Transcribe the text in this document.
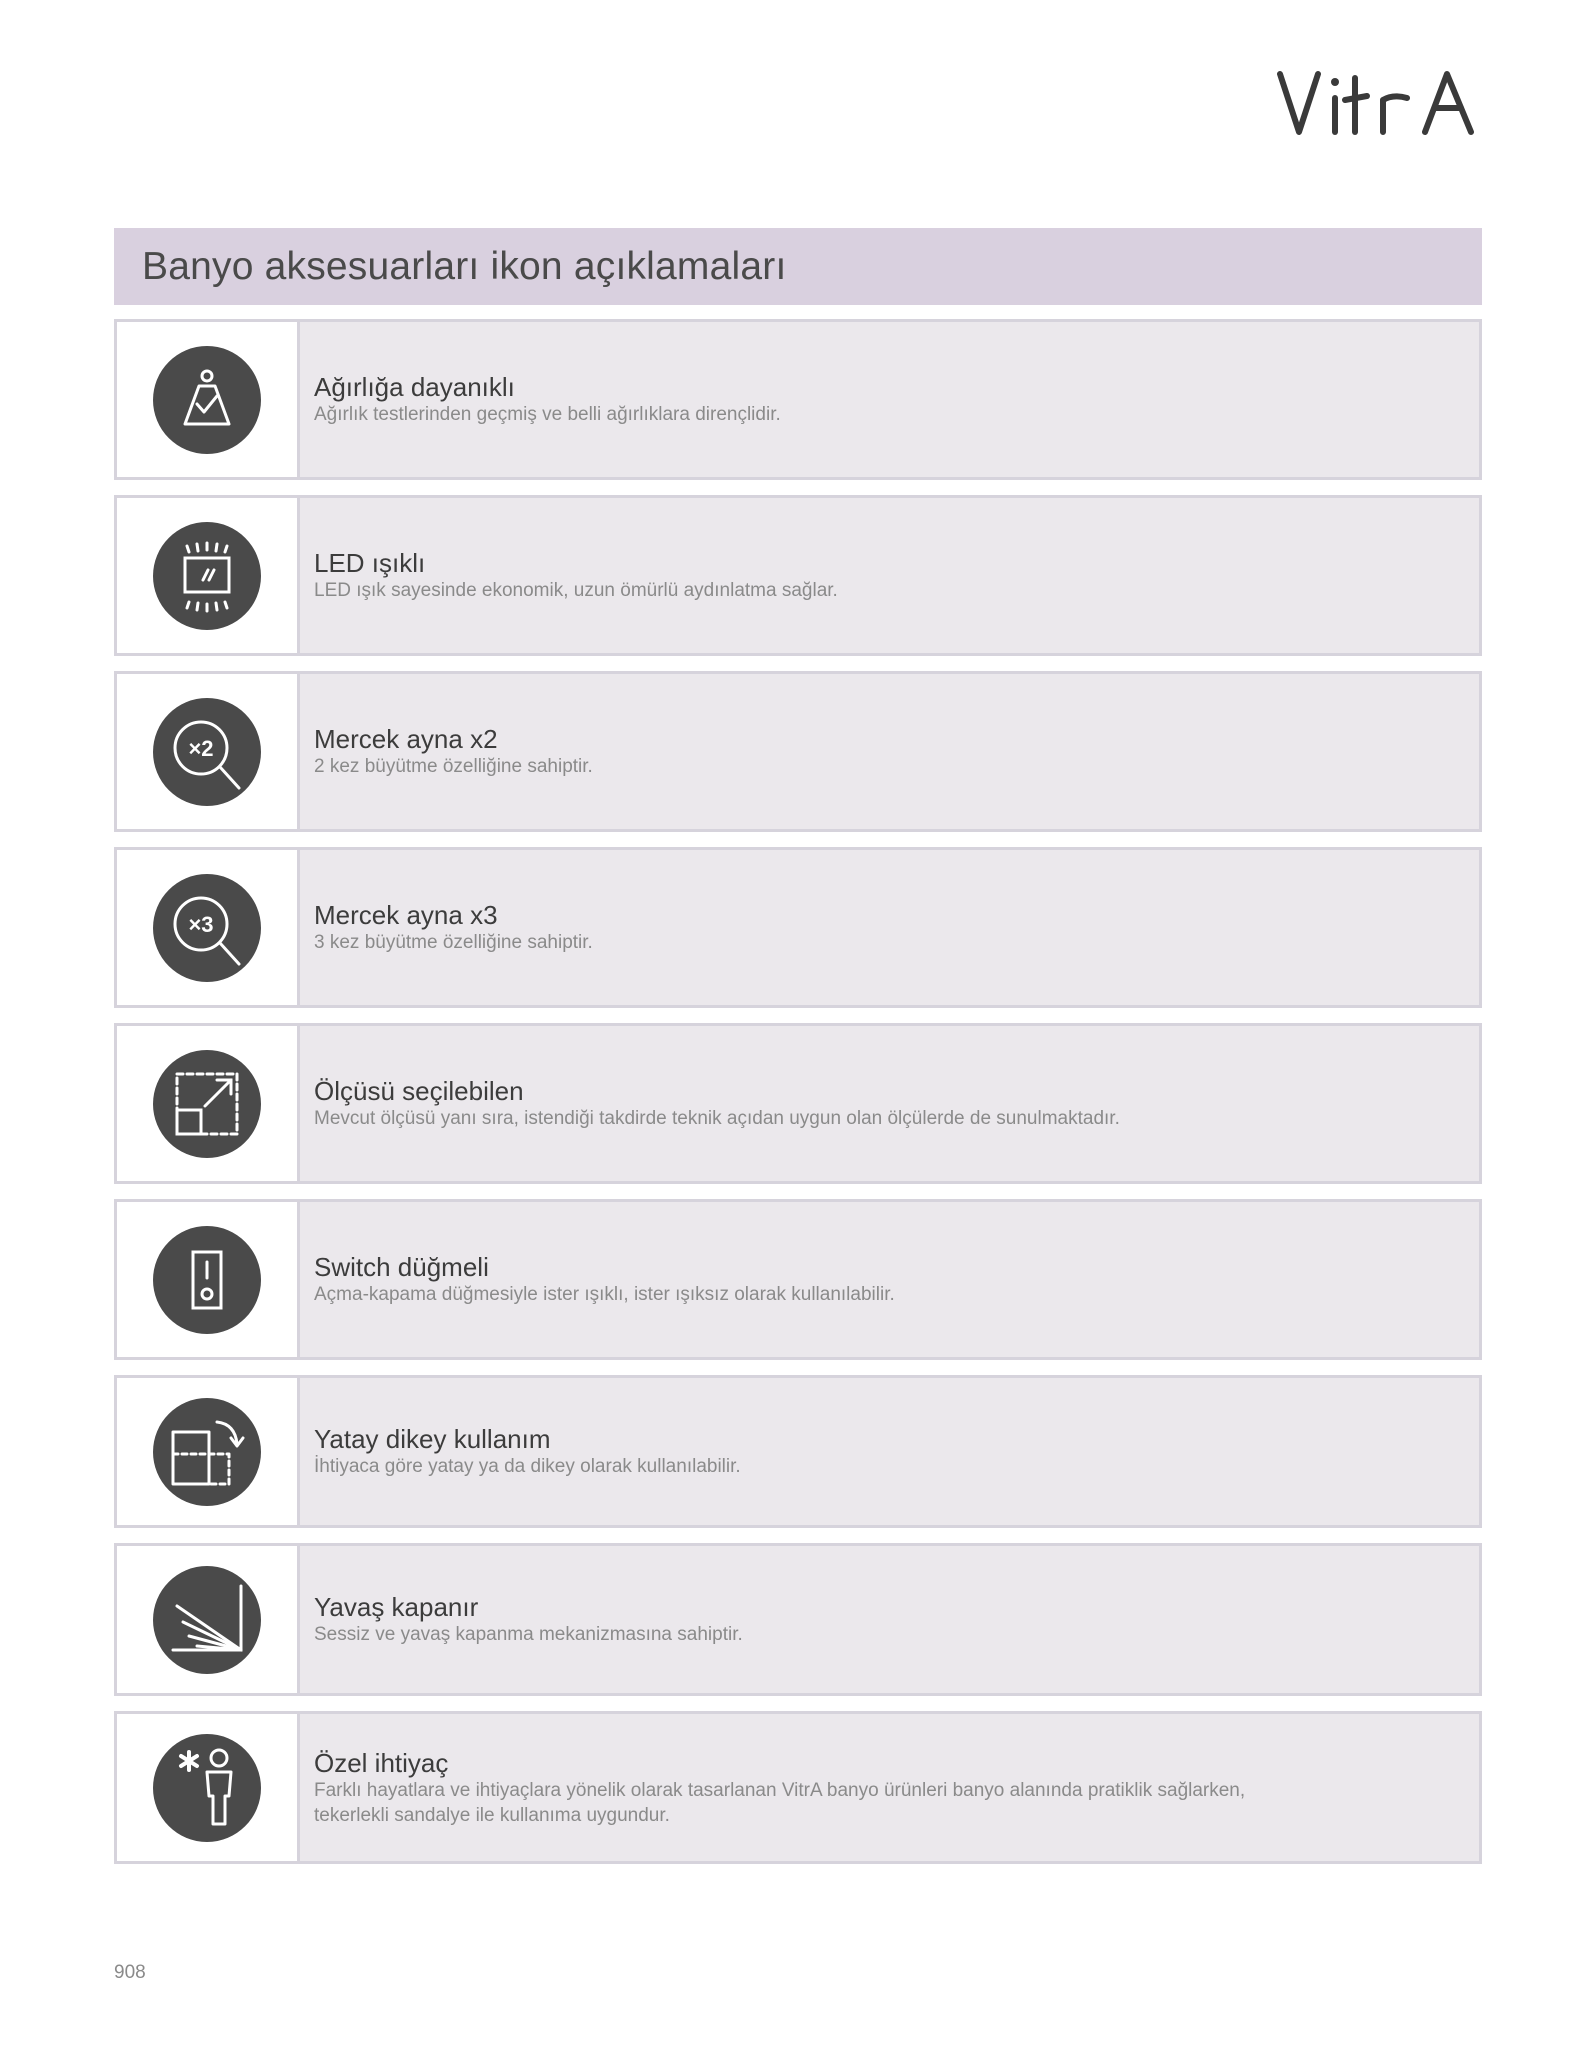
Banyo aksesuarları ikon açıklamaları
Ağırlığa dayanıklı
Ağırlık testlerinden geçmiş ve belli ağırlıklara dirençlidir.
LED ışıklı
LED ışık sayesinde ekonomik, uzun ömürlü aydınlatma sağlar.
×2	Mercek ayna x2
2 kez büyütme özelliğine sahiptir.
×3	Mercek ayna x3
3 kez büyütme özelliğine sahiptir.
Ölçüsü seçilebilen
Mevcut ölçüsü yanı sıra, istendiği takdirde teknik açıdan uygun olan ölçülerde de sunulmaktadır.
Switch düğmeli
Açma-kapama düğmesiyle ister ışıklı, ister ışıksız olarak kullanılabilir.
Yatay dikey kullanım
İhtiyaca göre yatay ya da dikey olarak kullanılabilir.
Yavaş kapanır
Sessiz ve yavaş kapanma mekanizmasına sahiptir.
Özel ihtiyaç
Farklı hayatlara ve ihtiyaçlara yönelik olarak tasarlanan VitrA banyo ürünleri banyo alanında pratiklik sağlarken, tekerlekli sandalye ile kullanıma uygundur.
908
